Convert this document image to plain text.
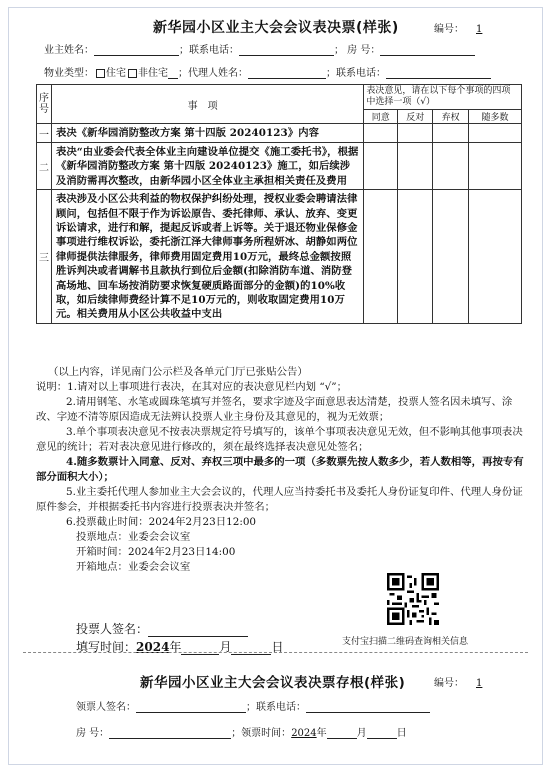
新华园小区业主大会会议表决票(样张)	编号： 1
业主姓名：	；联系电话：	； 房 号：
物业类型： 住宅 非住宅 ；代理人姓名：	；联系电话：
序号	事项	表决意见，请在以下每个事项的四项中选择一项（√）			
		同意	反对	弃权	随多数
一	表决《新华园消防整改方案 第十四版 20240123》内容				
二	表决“由业委会代表全体业主向建设单位提交《施工委托书》，根据《新华园消防整改方案 第十四版 20240123》施工，如后续涉及消防需再次整改，由新华园小区全体业主承担相关责任及费用				
三	表决涉及小区公共利益的物权保护纠纷处理，授权业委会聘请法律顾问，包括但不限于作为诉讼原告、委托律师、承认、放弃、变更诉讼请求，进行和解，提起反诉或者上诉等。关于退还物业保修金事项进行维权诉讼，委托浙江泽大律师事务所程妍冰、胡静如两位律师提供法律服务，律师费用固定费用10万元，最终总金额按照胜诉判决或者调解书且款执行到位后金额(扣除消防车道、消防登高场地、回车场按消防要求恢复硬质路面部分的金额)的10%收取，如后续律师费经计算不足10万元的，则收取固定费用10万元。相关费用从小区公共收益中支出				

（以上内容，详见南门公示栏及各单元门厅已张贴公告）

说明：1.请对以上事项进行表决，在其对应的表决意见栏内划 “√”；

2.请用钢笔、水笔或圆珠笔填写并签名，要求字迹及字面意思表达清楚，投票人签名因未填写、涂改、字迹不清等原因造成无法辨认投票人业主身份及其意见的，视为无效票；

3.单个事项表决意见不按表决票规定符号填写的，该单个事项表决意见无效，但不影响其他事项表决意见的统计；若对表决意见进行修改的，须在最终选择表决意见处签名；

4.随多数票计入同意、反对、弃权三项中最多的一项（多数票先按人数多少，若人数相等，再按专有部分面积大小）；

5.业主委托代理人参加业主大会会议的，代理人应当持委托书及委托人身份证复印件、代理人身份证原件参会，并根据委托书内容进行投票表决并签名；

6.投票截止时间：2024年2月23日12:00

投票地点：业委会会议室

开箱时间：2024年2月23日14:00

开箱地点：业委会会议室

投票人签名：
填写时间：2024年	月	日	支付宝扫描二维码查询相关信息
新华园小区业主大会会议表决票存根(样张)	编号： 1
领票人签名：	；联系电话：
房 号：	；领票时间：2024年	月	日
